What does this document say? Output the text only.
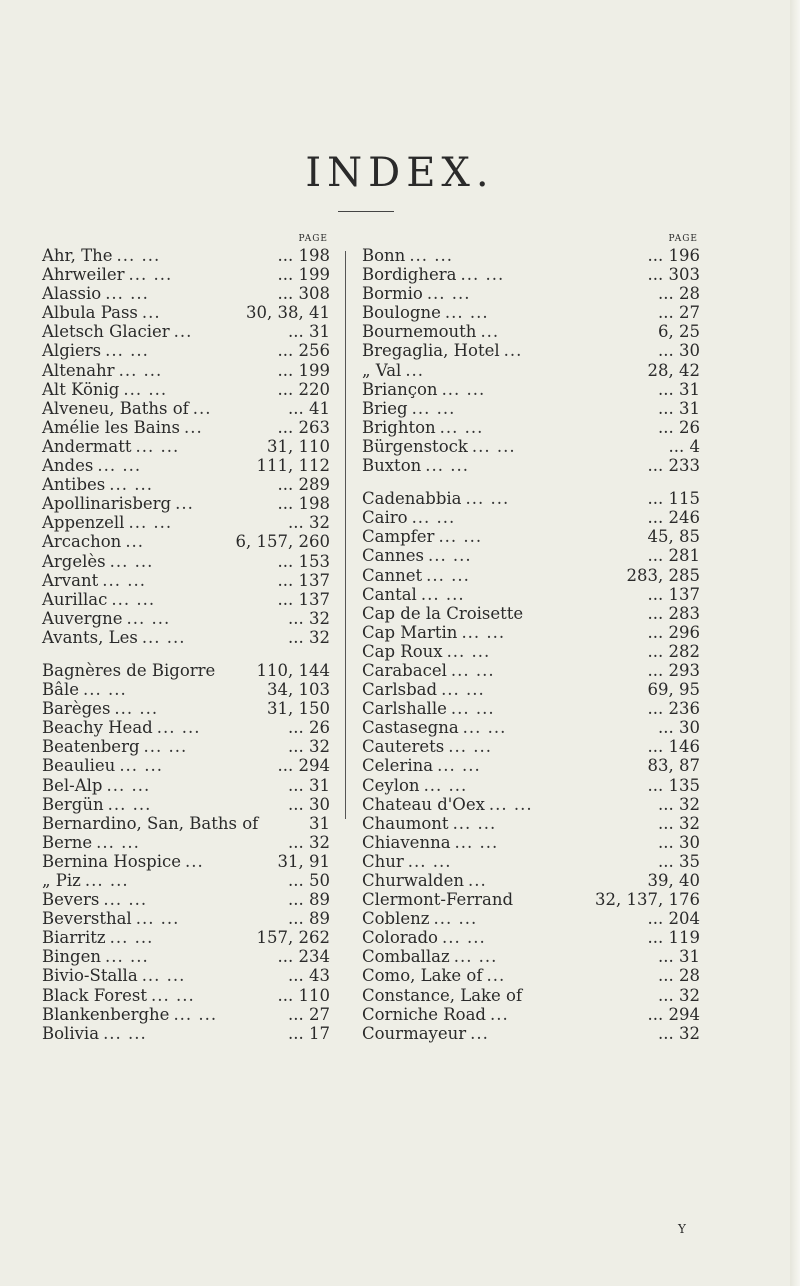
INDEX.
PAGE
Ahr, The ... ...	... 198
Ahrweiler ... ...	... 199
Alassio ... ...	... 308
Albula Pass ...	30, 38, 41
Aletsch Glacier ...	... 31
Algiers ... ...	... 256
Altenahr ... ...	... 199
Alt König ... ...	... 220
Alveneu, Baths of ...	... 41
Amélie les Bains ...	... 263
Andermatt ... ...	31, 110
Andes ... ...	111, 112
Antibes ... ...	... 289
Apollinarisberg ...	... 198
Appenzell ... ...	... 32
Arcachon ...	6, 157, 260
Argelès ... ...	... 153
Arvant ... ...	... 137
Aurillac ... ...	... 137
Auvergne ... ...	... 32
Avants, Les ... ...	... 32
Bagnères de Bigorre 110, 144
Bâle ... ...	34, 103
Barèges ... ...	31, 150
Beachy Head ... ...	... 26
Beatenberg ... ...	... 32
Beaulieu ... ...	... 294
Bel-Alp ... ...	... 31
Bergün ... ...	... 30
Bernardino, San, Baths of	31
Berne ... ...	... 32
Bernina Hospice ...	31, 91
„ Piz ... ...	... 50
Bevers ... ...	... 89
Beversthal ... ...	... 89
Biarritz ... ...	157, 262
Bingen ... ...	... 234
Bivio-Stalla ... ...	... 43
Black Forest ... ...	... 110
Blankenberghe ... ...	... 27
Bolivia ... ...	... 17
PAGE
Bonn ... ...	... 196
Bordighera ... ...	... 303
Bormio ... ...	... 28
Boulogne ... ...	... 27
Bournemouth ...	6, 25
Bregaglia, Hotel ...	... 30
„ Val ...	28, 42
Briançon ... ...	... 31
Brieg ... ...	... 31
Brighton ... ...	... 26
Bürgenstock ... ...	... 4
Buxton ... ...	... 233
Cadenabbia ... ...	... 115
Cairo ... ...	... 246
Campfer ... ...	45, 85
Cannes ... ...	... 281
Cannet ... ...	283, 285
Cantal ... ...	... 137
Cap de la Croisette	... 283
Cap Martin ... ...	... 296
Cap Roux ... ...	... 282
Carabacel ... ...	... 293
Carlsbad ... ...	69, 95
Carlshalle ... ...	... 236
Castasegna ... ...	... 30
Cauterets ... ...	... 146
Celerina ... ...	83, 87
Ceylon ... ...	... 135
Chateau d'Oex ... ...	... 32
Chaumont ... ...	... 32
Chiavenna ... ...	... 30
Chur ... ...	... 35
Churwalden ...	39, 40
Clermont-Ferrand	32, 137, 176
Coblenz ... ...	... 204
Colorado ... ...	... 119
Comballaz ... ...	... 31
Como, Lake of ...	... 28
Constance, Lake of	... 32
Corniche Road ...	... 294
Courmayeur ...	... 32
Y
